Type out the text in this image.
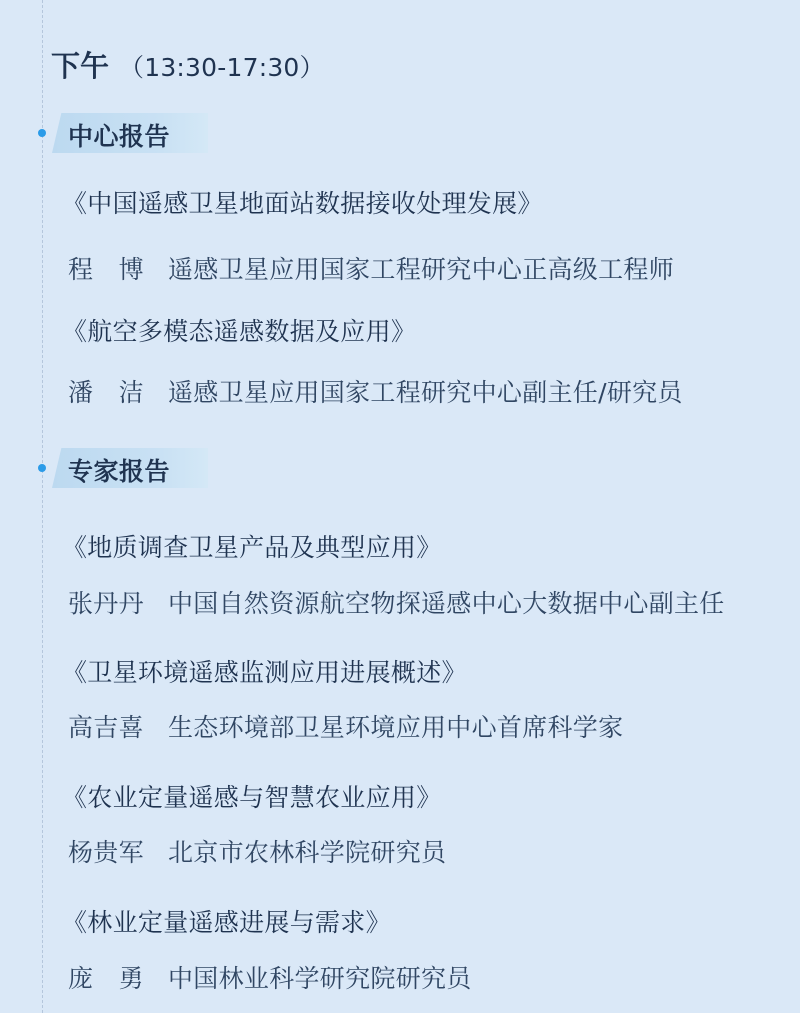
下午 （13:30-17:30）
中心报告
《中国遥感卫星地面站数据接收处理发展》
程　博 遥感卫星应用国家工程研究中心正高级工程师
《航空多模态遥感数据及应用》
潘　洁 遥感卫星应用国家工程研究中心副主任/研究员
专家报告
《地质调查卫星产品及典型应用》
张丹丹 中国自然资源航空物探遥感中心大数据中心副主任
《卫星环境遥感监测应用进展概述》
高吉喜 生态环境部卫星环境应用中心首席科学家
《农业定量遥感与智慧农业应用》
杨贵军 北京市农林科学院研究员
《林业定量遥感进展与需求》
庞　勇 中国林业科学研究院研究员
